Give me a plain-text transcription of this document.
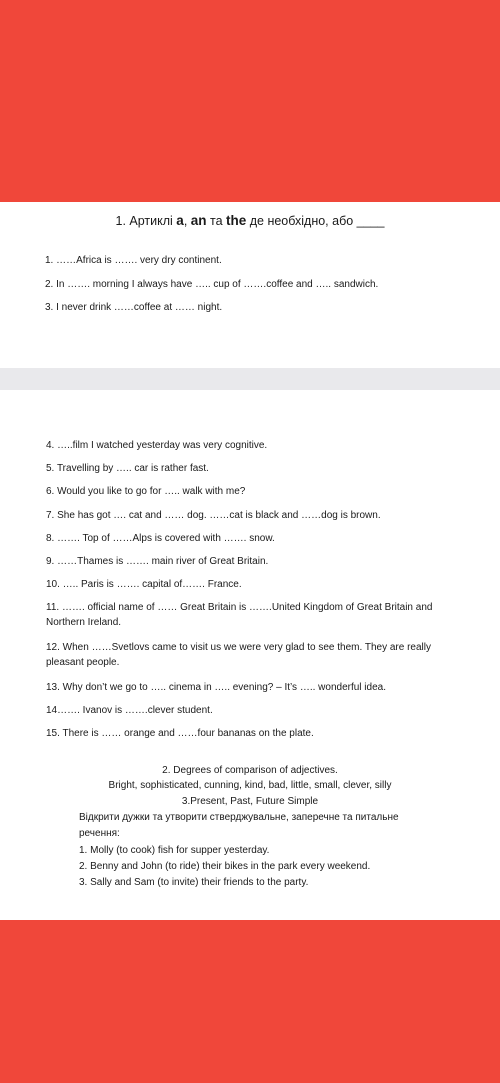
1. Артиклі a, an та the де необхідно, або ____
1. ……Africa is ……. very dry continent.
2. In ……. morning I always have ….. cup of …….coffee and ….. sandwich.
3. I never drink ……coffee at …… night.
4. …..film I watched yesterday was very cognitive.
5. Travelling by ….. car is rather fast.
6. Would you like to go for ….. walk with me?
7. She has got …. cat and …… dog. ……cat is black and ……dog is brown.
8. ……. Top of ……Alps is covered with ……. snow.
9. ……Thames is ……. main river of Great Britain.
10. ….. Paris is ……. capital of……. France.
11. ……. official name of …… Great Britain is …….United Kingdom of Great Britain and Northern Ireland.
12. When ……Svetlovs came to visit us we were very glad to see them. They are really pleasant people.
13. Why don’t we go to ….. cinema in ….. evening? – It’s ….. wonderful idea.
14……. Ivanov is …….clever student.
15. There is …… orange and ……four bananas on the plate.
2. Degrees of comparison of adjectives.
Bright, sophisticated, cunning, kind, bad, little, small, clever, silly
3.Present, Past, Future Simple
Відкрити дужки та утворити стверджувальне, заперечне та питальне
речення:
1. Molly (to cook) fish for supper yesterday.
2. Benny and John (to ride) their bikes in the park every weekend.
3. Sally and Sam (to invite) their friends to the party.
